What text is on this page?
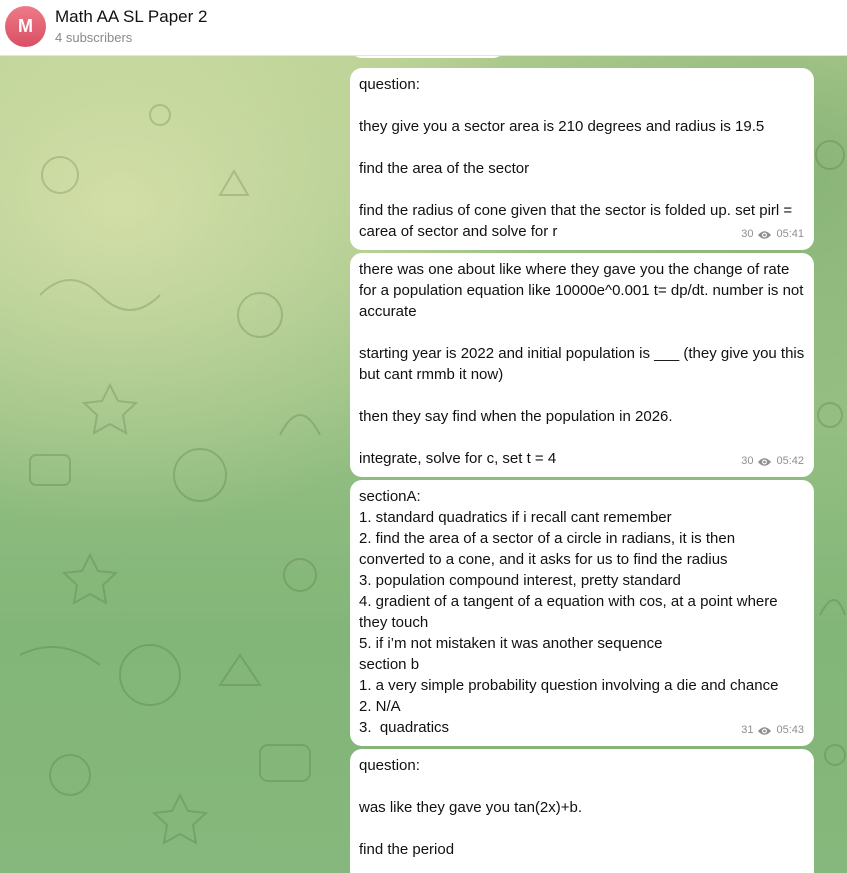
M	Math AA SL Paper 2
4 subscribers
question:
they give you a sector area is 210 degrees and radius is 19.5
find the area of the sector
find the radius of cone given that the sector is folded up. set pirl = carea of sector and solve for r	30 05:41
there was one about like where they gave you the change of rate for a population equation like 10000e^0.001 t= dp/dt. number is not accurate
starting year is 2022 and initial population is ___ (they give you this but cant rmmb it now)
then they say find when the population in 2026.
integrate, solve for c, set t = 4	30 05:42
sectionA:
1. standard quadratics if i recall cant remember
2. find the area of a sector of a circle in radians, it is then converted to a cone, and it asks for us to find the radius
3. population compound interest, pretty standard
4. gradient of a tangent of a equation with cos, at a point where they touch
5. if i’m not mistaken it was another sequence
section b
1. a very simple probability question involving a die and chance
2. N/A
3.  quadratics	31 05:43
question:
was like they gave you tan(2x)+b.
find the period
